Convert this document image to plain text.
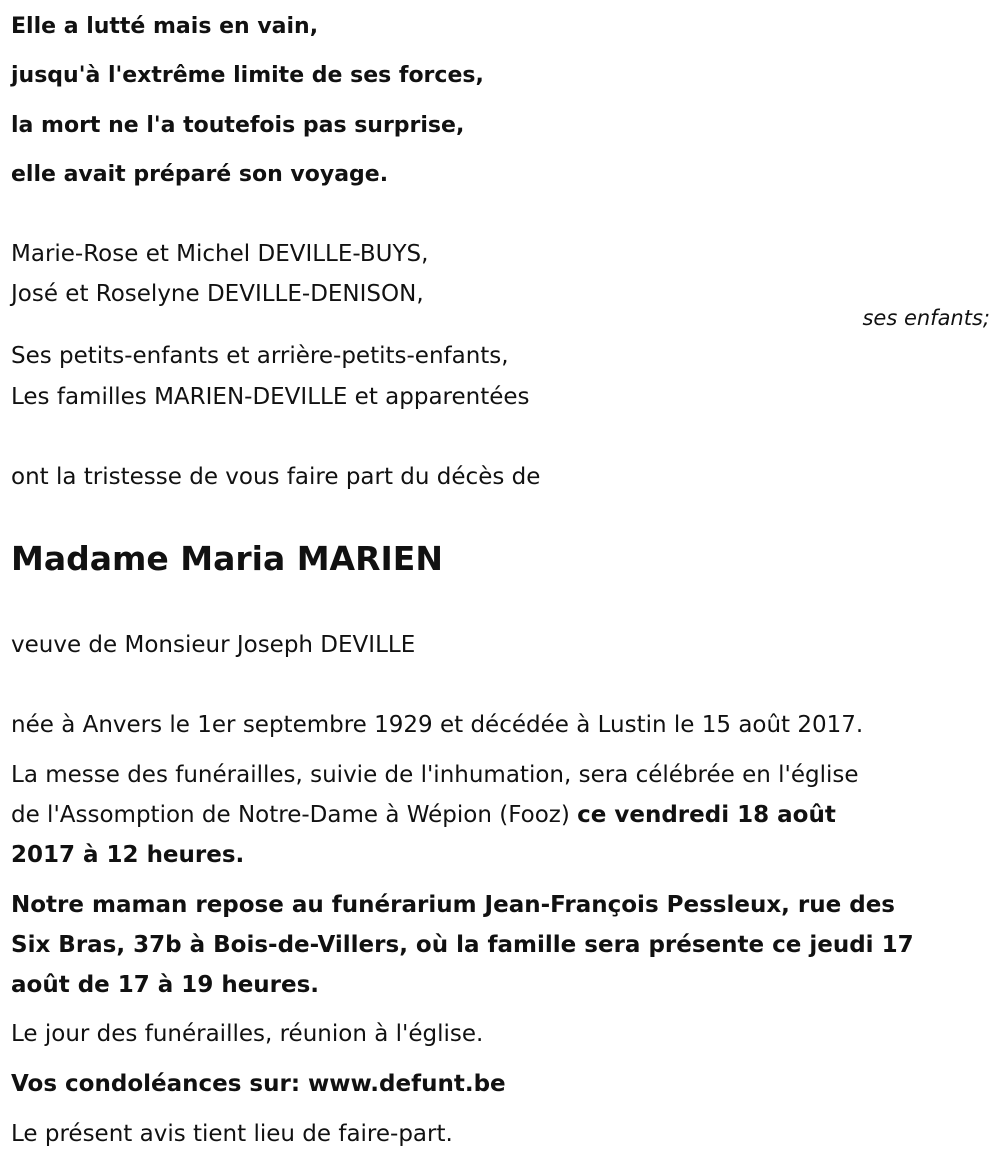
Elle a lutté mais en vain,
jusqu'à l'extrême limite de ses forces,
la mort ne l'a toutefois pas surprise,
elle avait préparé son voyage.
Marie-Rose et Michel DEVILLE-BUYS,
José et Roselyne DEVILLE-DENISON,
ses enfants;
Ses petits-enfants et arrière-petits-enfants,
Les familles MARIEN-DEVILLE et apparentées
ont la tristesse de vous faire part du décès de
Madame Maria MARIEN
veuve de Monsieur Joseph DEVILLE
née à Anvers le 1er septembre 1929 et décédée à Lustin le 15 août 2017.
La messe des funérailles, suivie de l'inhumation, sera célébrée en l'église
de l'Assomption de Notre-Dame à Wépion (Fooz) ce vendredi 18 août
2017 à 12 heures.
Notre maman repose au funérarium Jean-François Pessleux, rue des
Six Bras, 37b à Bois-de-Villers, où la famille sera présente ce jeudi 17
août de 17 à 19 heures.
Le jour des funérailles, réunion à l'église.
Vos condoléances sur: www.defunt.be
Le présent avis tient lieu de faire-part.
